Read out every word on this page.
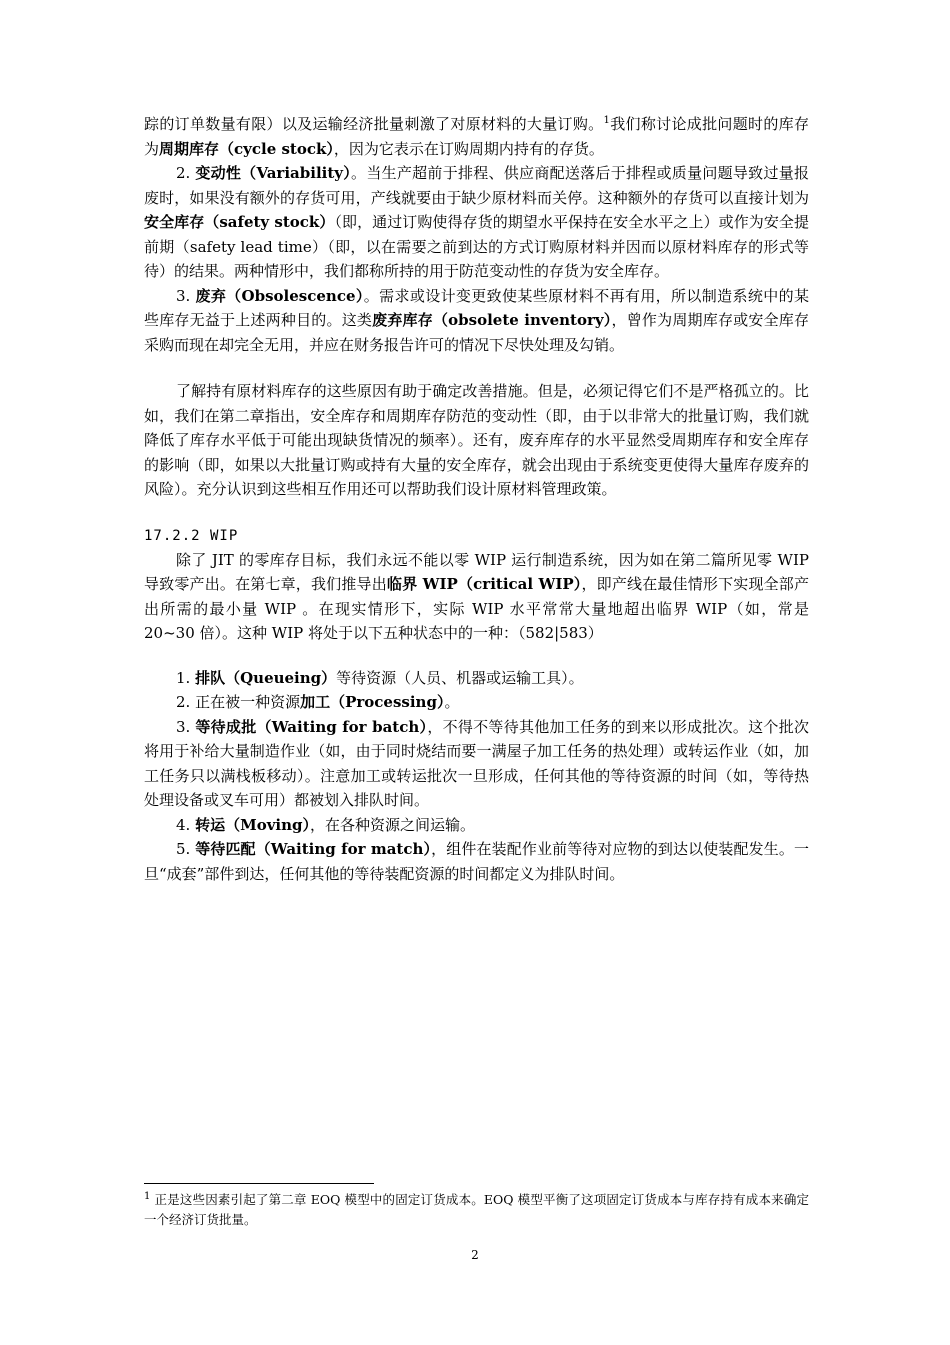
踪的订单数量有限）以及运输经济批量刺激了对原材料的大量订购。$^1$我们称讨论成批问题时的库存为周期库存（cycle stock），因为它表示在订购周期内持有的存货。

2. 变动性（Variability）。当生产超前于排程、供应商配送落后于排程或质量问题导致过量报废时，如果没有额外的存货可用，产线就要由于缺少原材料而关停。这种额外的存货可以直接计划为安全库存（safety stock）（即，通过订购使得存货的期望水平保持在安全水平之上）或作为安全提前期（safety lead time）（即，以在需要之前到达的方式订购原材料并因而以原材料库存的形式等待）的结果。两种情形中，我们都称所持的用于防范变动性的存货为安全库存。

3. 废弃（Obsolescence）。需求或设计变更致使某些原材料不再有用，所以制造系统中的某些库存无益于上述两种目的。这类废弃库存（obsolete inventory），曾作为周期库存或安全库存采购而现在却完全无用，并应在财务报告许可的情况下尽快处理及勾销。

了解持有原材料库存的这些原因有助于确定改善措施。但是，必须记得它们不是严格孤立的。比如，我们在第二章指出，安全库存和周期库存防范的变动性（即，由于以非常大的批量订购，我们就降低了库存水平低于可能出现缺货情况的频率）。还有，废弃库存的水平显然受周期库存和安全库存的影响（即，如果以大批量订购或持有大量的安全库存，就会出现由于系统变更使得大量库存废弃的风险）。充分认识到这些相互作用还可以帮助我们设计原材料管理政策。

17.2.2 WIP

除了 JIT 的零库存目标，我们永远不能以零 WIP 运行制造系统，因为如在第二篇所见零 WIP 导致零产出。在第七章，我们推导出临界 WIP（critical WIP），即产线在最佳情形下实现全部产出所需的最小量 WIP 。在现实情形下，实际 WIP 水平常常大量地超出临界 WIP（如，常是 20~30 倍）。这种 WIP 将处于以下五种状态中的一种：（582|583）

1. 排队（Queueing）等待资源（人员、机器或运输工具）。

2. 正在被一种资源加工（Processing）。

3. 等待成批（Waiting for batch），不得不等待其他加工任务的到来以形成批次。这个批次将用于补给大量制造作业（如，由于同时烧结而要一满屋子加工任务的热处理）或转运作业（如，加工任务只以满栈板移动）。注意加工或转运批次一旦形成，任何其他的等待资源的时间（如，等待热处理设备或叉车可用）都被划入排队时间。

4. 转运（Moving），在各种资源之间运输。

5. 等待匹配（Waiting for match），组件在装配作业前等待对应物的到达以使装配发生。一旦“成套”部件到达，任何其他的等待装配资源的时间都定义为排队时间。

$^1$ 正是这些因素引起了第二章 EOQ 模型中的固定订货成本。EOQ 模型平衡了这项固定订货成本与库存持有成本来确定一个经济订货批量。

2
